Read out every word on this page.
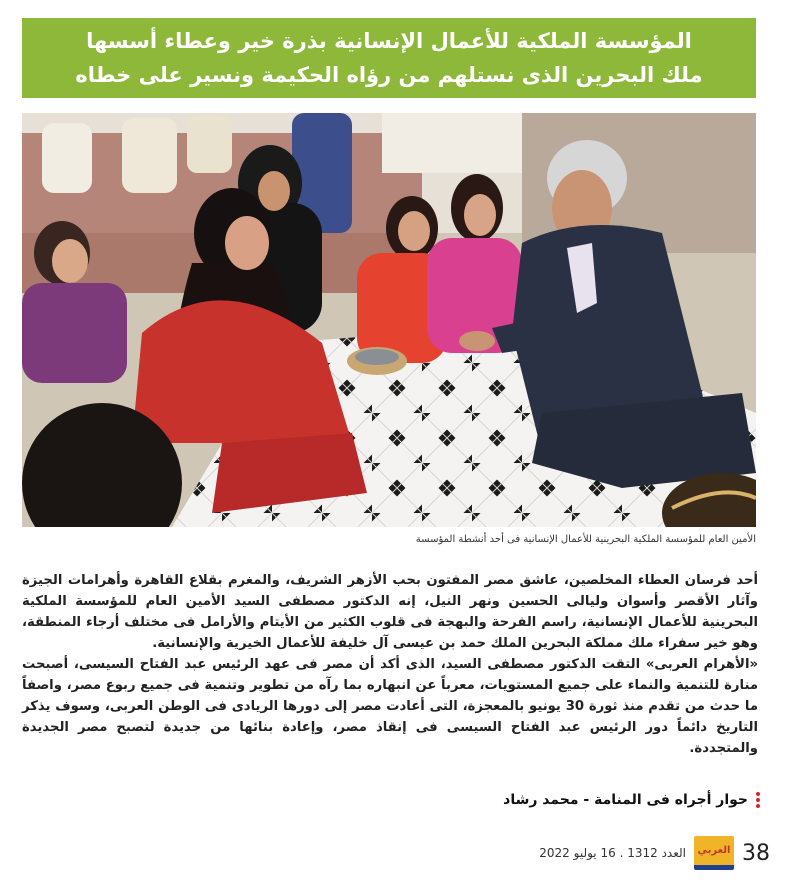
المؤسسة الملكية للأعمال الإنسانية بذرة خير وعطاء أسسها
ملك البحرين الذى نستلهم من رؤاه الحكيمة ونسير على خطاه
الأمين العام للمؤسسة الملكية البحرينية للأعمال الإنسانية فى أحد أنشطة المؤسسة

أحد فرسان العطاء المخلصين، عاشق مصر المفتون بحب الأزهر الشريف، والمغرم بقلاع القاهرة وأهرامات الجيزة وآثار الأقصر وأسوان وليالى الحسين ونهر النيل، إنه الدكتور مصطفى السيد الأمين العام للمؤسسة الملكية البحرينية للأعمال الإنسانية، راسم الفرحة والبهجة فى قلوب الكثير من الأيتام والأرامل فى مختلف أرجاء المنطقة، وهو خير سفراء ملك مملكة البحرين الملك حمد بن عيسى آل خليفة للأعمال الخيرية والإنسانية.

«الأهرام العربى» التقت الدكتور مصطفى السيد، الذى أكد أن مصر فى عهد الرئيس عبد الفتاح السيسى، أصبحت منارة للتنمية والنماء على جميع المستويات، معرباً عن انبهاره بما رآه من تطوير وتنمية فى جميع ربوع مصر، واصفاً ما حدث من تقدم منذ ثورة 30 يونيو بالمعجزة، التى أعادت مصر إلى دورها الريادى فى الوطن العربى، وسوف يذكر التاريخ دائماً دور الرئيس عبد الفتاح السيسى فى إنقاذ مصر، وإعادة بنائها من جديدة لتصبح مصر الجديدة والمتجددة.

حوار أجراه فى المنامة - محمد رشاد
38
العربي
العدد 1312 . 16 يوليو 2022
